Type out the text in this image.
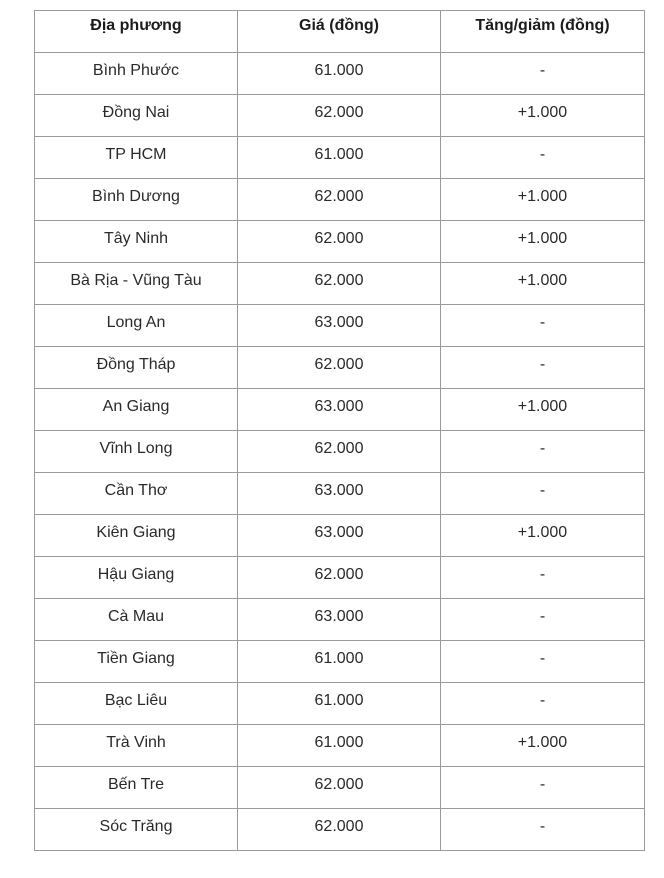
Địa phương	Giá (đồng)	Tăng/giảm (đồng)
Bình Phước	61.000	-
Đồng Nai	62.000	+1.000
TP HCM	61.000	-
Bình Dương	62.000	+1.000
Tây Ninh	62.000	+1.000
Bà Rịa - Vũng Tàu	62.000	+1.000
Long An	63.000	-
Đồng Tháp	62.000	-
An Giang	63.000	+1.000
Vĩnh Long	62.000	-
Cần Thơ	63.000	-
Kiên Giang	63.000	+1.000
Hậu Giang	62.000	-
Cà Mau	63.000	-
Tiền Giang	61.000	-
Bạc Liêu	61.000	-
Trà Vinh	61.000	+1.000
Bến Tre	62.000	-
Sóc Trăng	62.000	-
